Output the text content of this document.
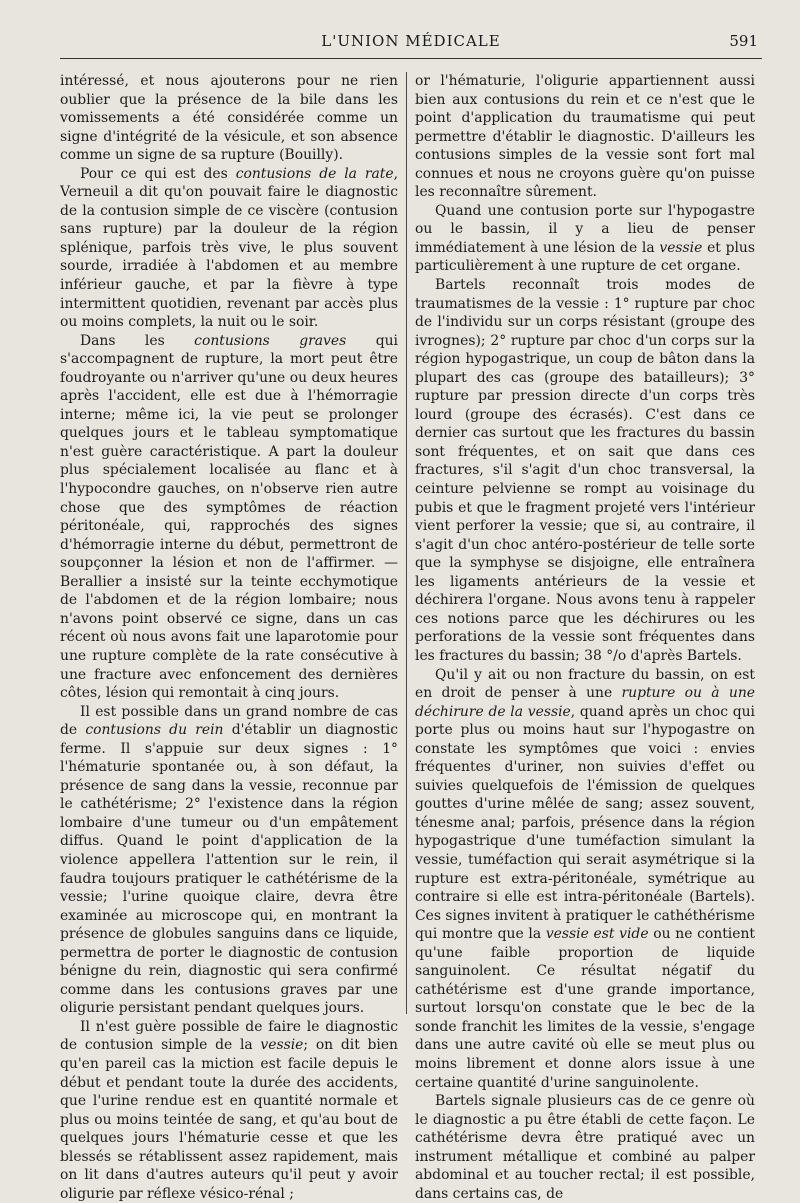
L'UNION MÉDICALE	591

intéressé, et nous ajouterons pour ne rien oublier que la présence de la bile dans les vomissements a été considérée comme un signe d'intégrité de la vésicule, et son absence comme un signe de sa rupture (Bouilly).

Pour ce qui est des contusions de la rate, Verneuil a dit qu'on pouvait faire le diagnostic de la contusion simple de ce viscère (contusion sans rupture) par la douleur de la région splénique, parfois très vive, le plus souvent sourde, irradiée à l'abdomen et au membre inférieur gauche, et par la fièvre à type intermittent quotidien, revenant par accès plus ou moins complets, la nuit ou le soir.

Dans les contusions graves qui s'accompagnent de rupture, la mort peut être foudroyante ou n'arriver qu'une ou deux heures après l'accident, elle est due à l'hémorragie interne; même ici, la vie peut se prolonger quelques jours et le tableau symptomatique n'est guère caractéristique. A part la douleur plus spécialement localisée au flanc et à l'hypocondre gauches, on n'observe rien autre chose que des symptômes de réaction péritonéale, qui, rapprochés des signes d'hémorragie interne du début, permettront de soupçonner la lésion et non de l'affirmer. — Berallier a insisté sur la teinte ecchymotique de l'abdomen et de la région lombaire; nous n'avons point observé ce signe, dans un cas récent où nous avons fait une laparotomie pour une rupture complète de la rate consécutive à une fracture avec enfoncement des dernières côtes, lésion qui remontait à cinq jours.

Il est possible dans un grand nombre de cas de contusions du rein d'établir un diagnostic ferme. Il s'appuie sur deux signes : 1° l'hématurie spontanée ou, à son défaut, la présence de sang dans la vessie, reconnue par le cathétérisme; 2° l'existence dans la région lombaire d'une tumeur ou d'un empâtement diffus. Quand le point d'application de la violence appellera l'attention sur le rein, il faudra toujours pratiquer le cathétérisme de la vessie; l'urine quoique claire, devra être examinée au microscope qui, en montrant la présence de globules sanguins dans ce liquide, permettra de porter le diagnostic de contusion bénigne du rein, diagnostic qui sera confirmé comme dans les contusions graves par une oligurie persistant pendant quelques jours.

Il n'est guère possible de faire le diagnostic de contusion simple de la vessie; on dit bien qu'en pareil cas la miction est facile depuis le début et pendant toute la durée des accidents, que l'urine rendue est en quantité normale et plus ou moins teintée de sang, et qu'au bout de quelques jours l'hématurie cesse et que les blessés se rétablissent assez rapidement, mais on lit dans d'autres auteurs qu'il peut y avoir oligurie par réflexe vésico-rénal ;

or l'hématurie, l'oligurie appartiennent aussi bien aux contusions du rein et ce n'est que le point d'application du traumatisme qui peut permettre d'établir le diagnostic. D'ailleurs les contusions simples de la vessie sont fort mal connues et nous ne croyons guère qu'on puisse les reconnaître sûrement.

Quand une contusion porte sur l'hypogastre ou le bassin, il y a lieu de penser immédiatement à une lésion de la vessie et plus particulièrement à une rupture de cet organe.

Bartels reconnaît trois modes de traumatismes de la vessie : 1° rupture par choc de l'individu sur un corps résistant (groupe des ivrognes); 2° rupture par choc d'un corps sur la région hypogastrique, un coup de bâton dans la plupart des cas (groupe des batailleurs); 3° rupture par pression directe d'un corps très lourd (groupe des écrasés). C'est dans ce dernier cas surtout que les fractures du bassin sont fréquentes, et on sait que dans ces fractures, s'il s'agit d'un choc transversal, la ceinture pelvienne se rompt au voisinage du pubis et que le fragment projeté vers l'intérieur vient perforer la vessie; que si, au contraire, il s'agit d'un choc antéro-postérieur de telle sorte que la symphyse se disjoigne, elle entraînera les ligaments antérieurs de la vessie et déchirera l'organe. Nous avons tenu à rappeler ces notions parce que les déchirures ou les perforations de la vessie sont fréquentes dans les fractures du bassin; 38 °/o d'après Bartels.

Qu'il y ait ou non fracture du bassin, on est en droit de penser à une rupture ou à une déchirure de la vessie, quand après un choc qui porte plus ou moins haut sur l'hypogastre on constate les symptômes que voici : envies fréquentes d'uriner, non suivies d'effet ou suivies quelquefois de l'émission de quelques gouttes d'urine mêlée de sang; assez souvent, ténesme anal; parfois, présence dans la région hypogastrique d'une tuméfaction simulant la vessie, tuméfaction qui serait asymétrique si la rupture est extra-péritonéale, symétrique au contraire si elle est intra-péritonéale (Bartels). Ces signes invitent à pratiquer le cathéthérisme qui montre que la vessie est vide ou ne contient qu'une faible proportion de liquide sanguinolent. Ce résultat négatif du cathétérisme est d'une grande importance, surtout lorsqu'on constate que le bec de la sonde franchit les limites de la vessie, s'engage dans une autre cavité où elle se meut plus ou moins librement et donne alors issue à une certaine quantité d'urine sanguinolente.

Bartels signale plusieurs cas de ce genre où le diagnostic a pu être établi de cette façon. Le cathétérisme devra être pratiqué avec un instrument métallique et combiné au palper abdominal et au toucher rectal; il est possible, dans certains cas, de
